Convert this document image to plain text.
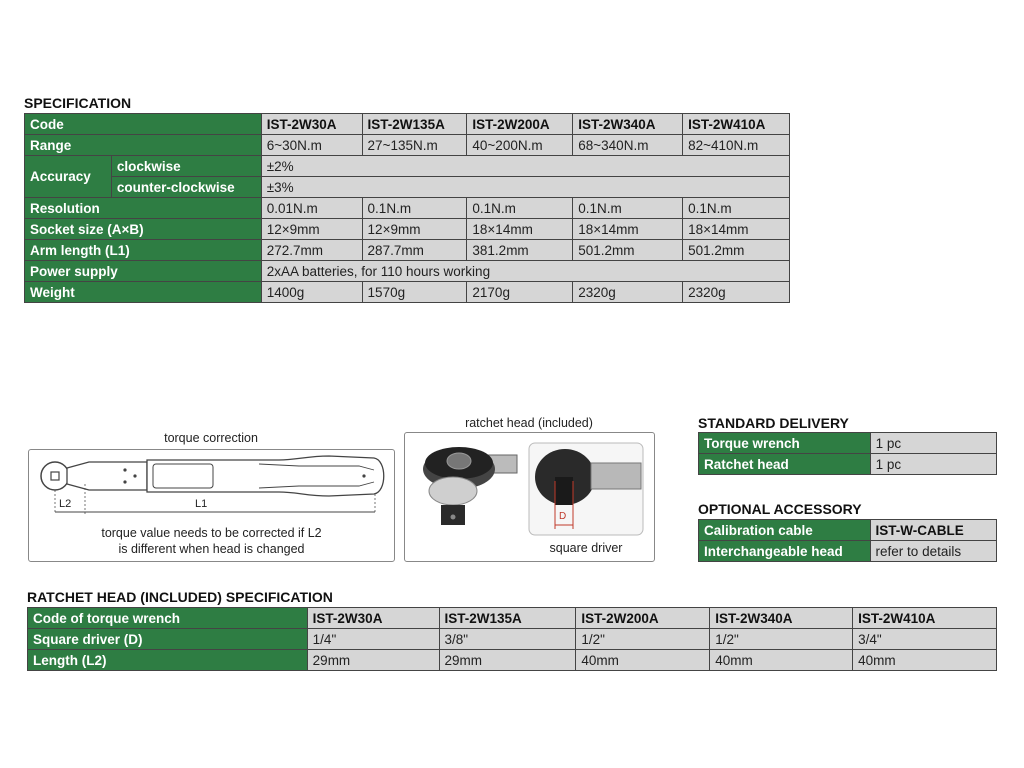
SPECIFICATION
Code		IST-2W30A	IST-2W135A	IST-2W200A	IST-2W340A	IST-2W410A
Range		6~30N.m	27~135N.m	40~200N.m	68~340N.m	82~410N.m
Accuracy	clockwise	±2%				
	counter-clockwise	±3%				
Resolution		0.01N.m	0.1N.m	0.1N.m	0.1N.m	0.1N.m
Socket size (A×B)		12×9mm	12×9mm	18×14mm	18×14mm	18×14mm
Arm length (L1)		272.7mm	287.7mm	381.2mm	501.2mm	501.2mm
Power supply		2xAA batteries, for 110 hours working				
Weight		1400g	1570g	2170g	2320g	2320g
torque correction
L2	L1
torque value needs to be corrected if L2
is different when head is changed
ratchet head (included)
D
square driver
STANDARD DELIVERY
Torque wrench	1 pc
Ratchet head	1 pc
OPTIONAL ACCESSORY
Calibration cable	IST-W-CABLE
Interchangeable head	refer to details
RATCHET HEAD (INCLUDED) SPECIFICATION
Code of torque wrench	IST-2W30A	IST-2W135A	IST-2W200A	IST-2W340A	IST-2W410A
Square driver (D)	1/4"	3/8"	1/2"	1/2"	3/4"
Length (L2)	29mm	29mm	40mm	40mm	40mm
